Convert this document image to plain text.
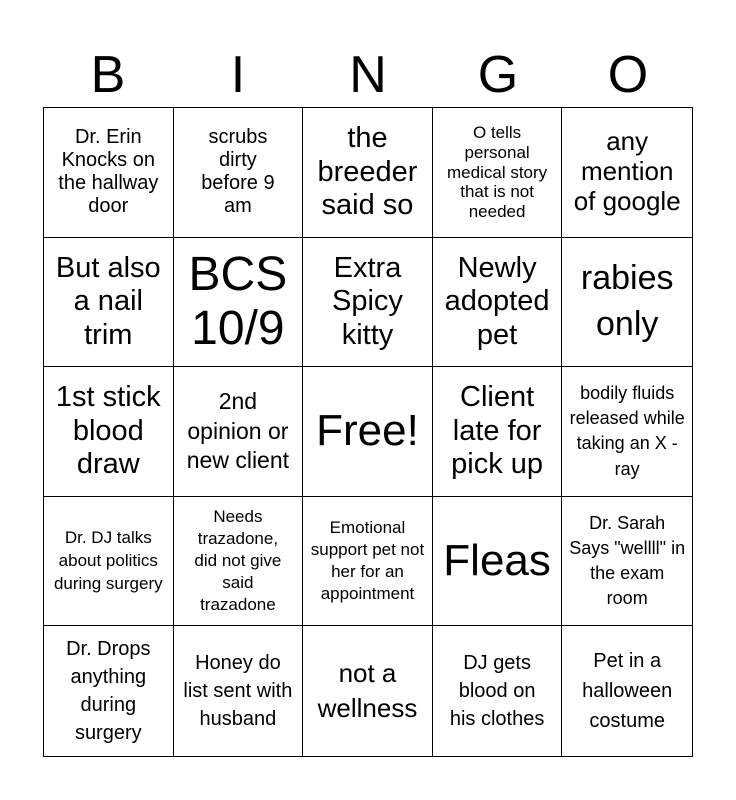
B	I	N	G	O
Dr. Erin Knocks on the hallway door
scrubs dirty before 9 am
the breeder said so
O tells personal medical story that is not needed
any mention of google
But also a nail trim
BCS 10/9
Extra Spicy kitty
Newly adopted pet
rabies only
1st stick blood draw
2nd opinion or new client
Free!
Client late for pick up
bodily fluids released while taking an X -ray
Dr. DJ talks about politics during surgery
Needs trazadone, did not give said trazadone
Emotional support pet not her for an appointment
Fleas
Dr. Sarah Says "wellll" in the exam room
Dr. Drops anything during surgery
Honey do list sent with husband
not a wellness
DJ gets blood on his clothes
Pet in a halloween costume
